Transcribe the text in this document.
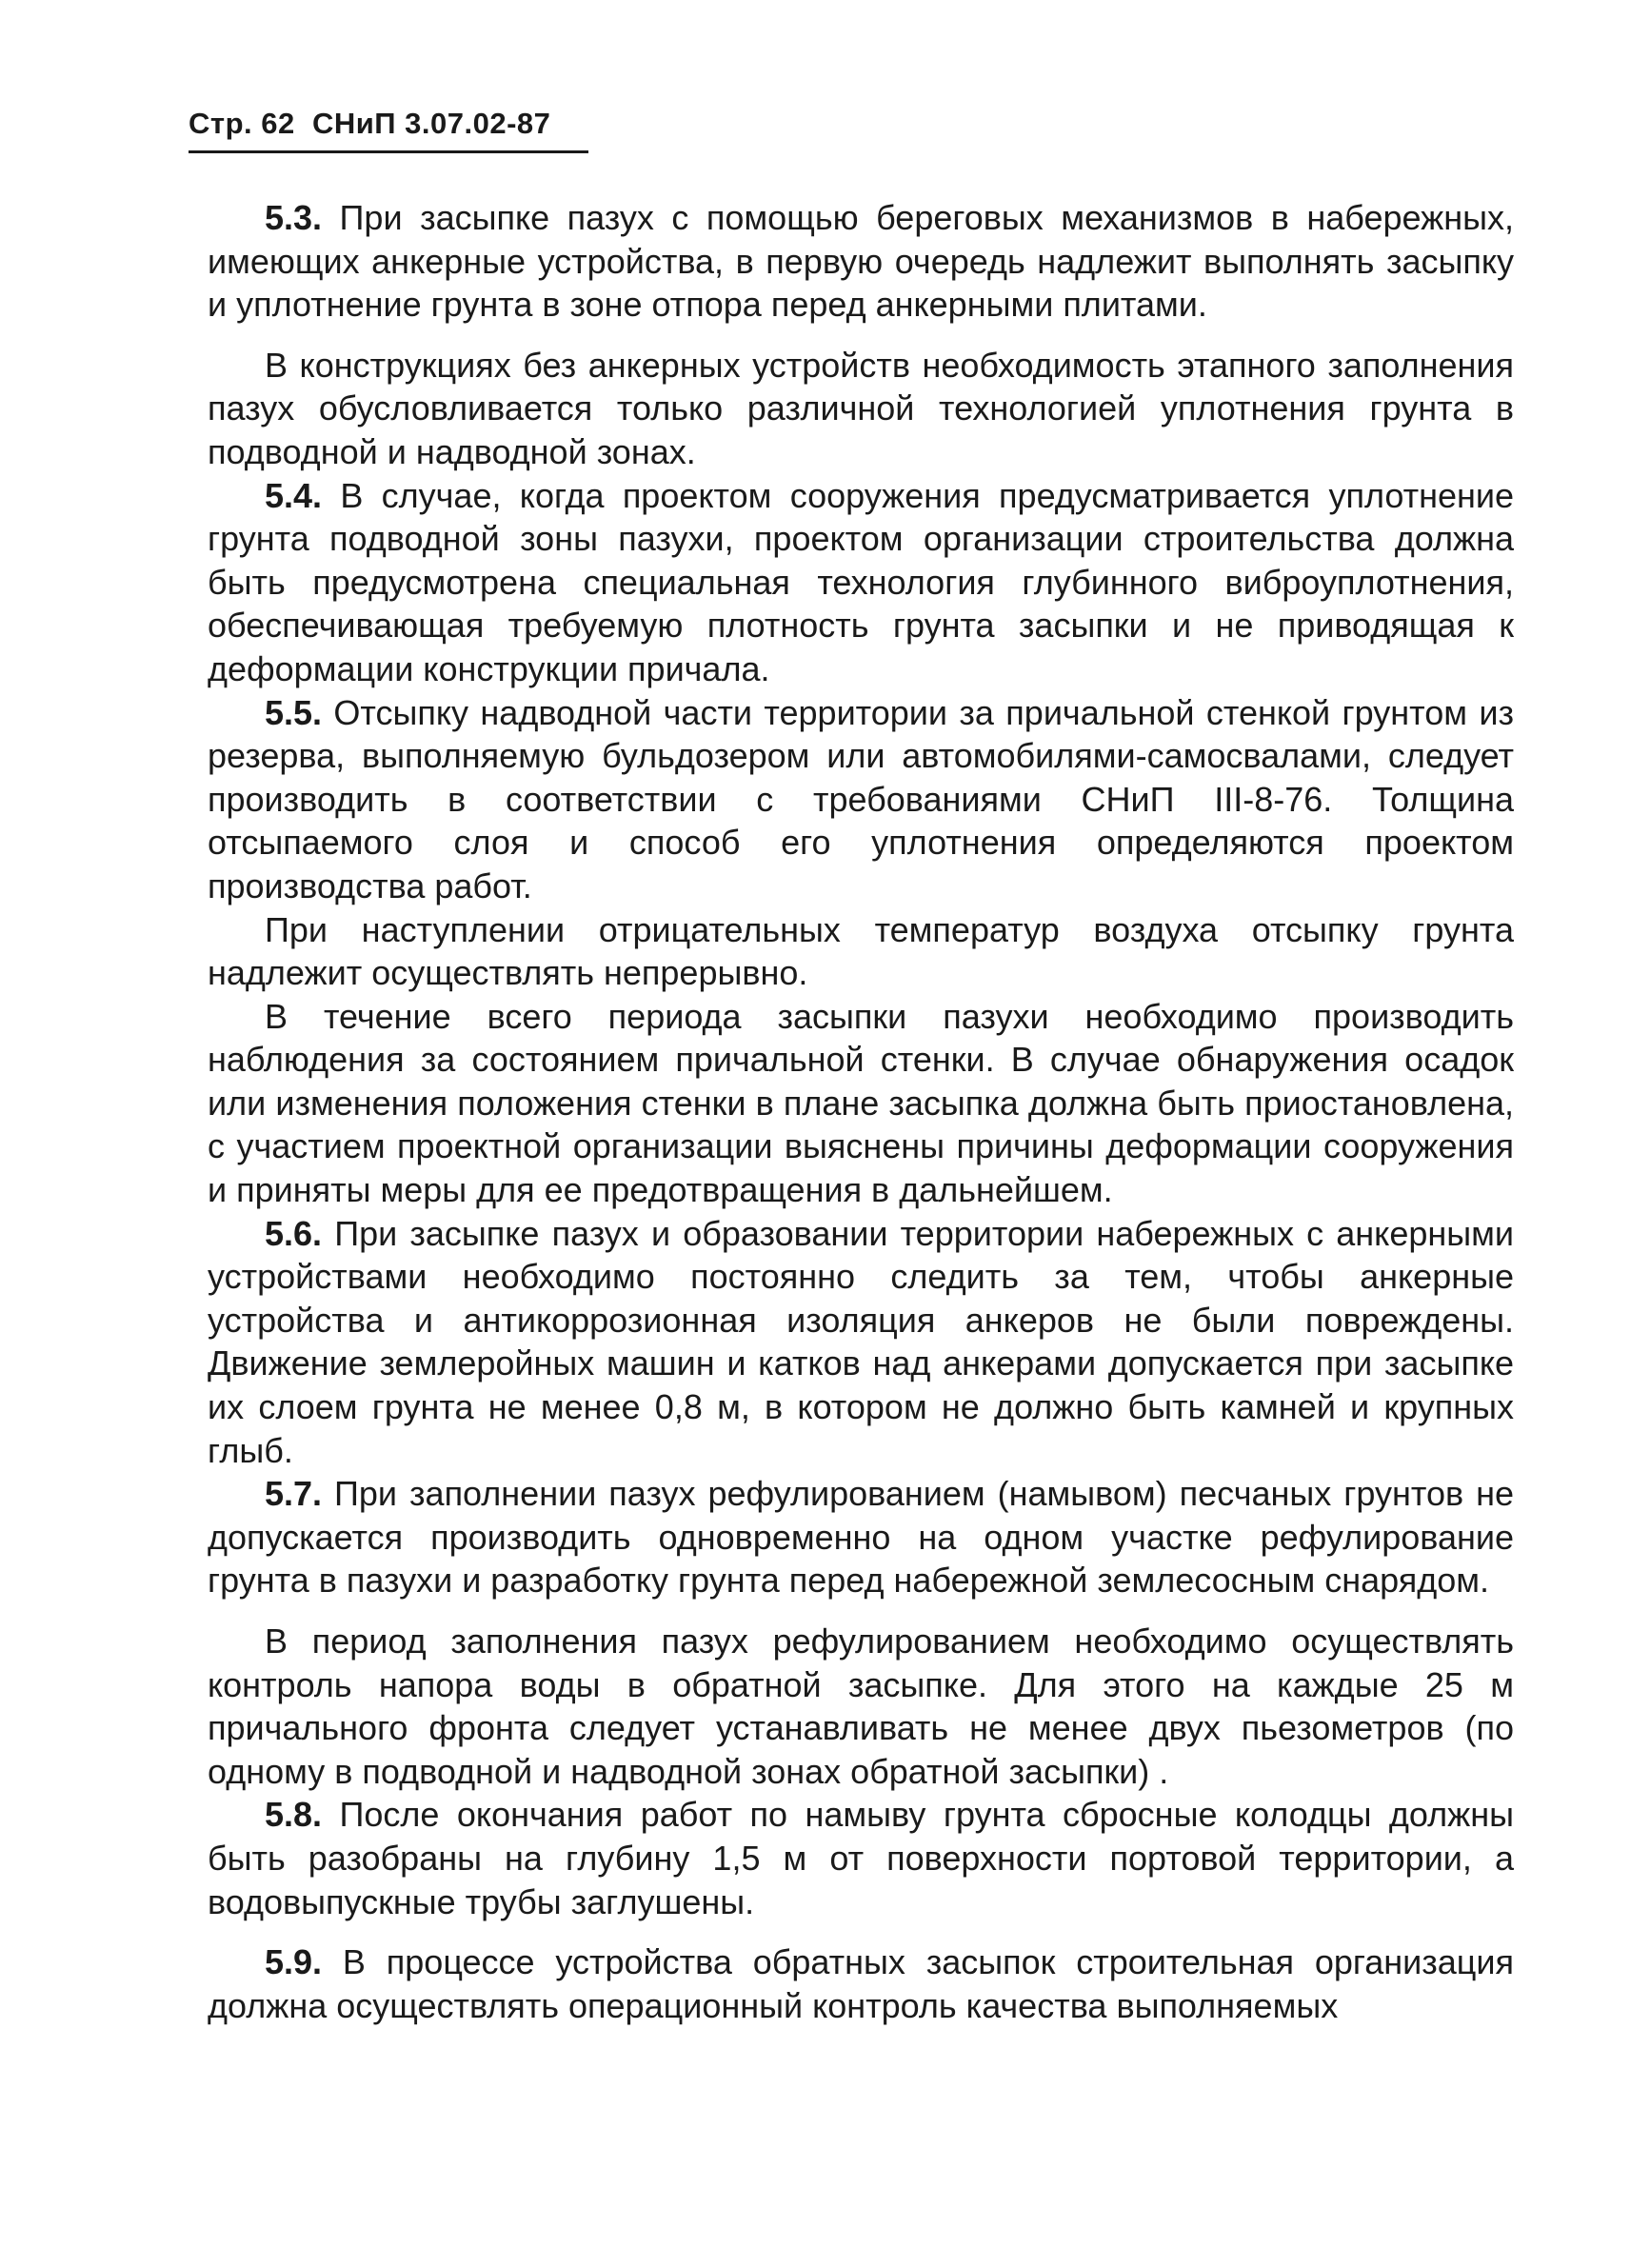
Стр. 62 СНиП 3.07.02-87

5.3. При засыпке пазух с помощью береговых механизмов в набережных, имеющих анкерные устройства, в первую очередь надлежит выполнять засыпку и уплотнение грунта в зоне отпора перед анкерными плитами.

В конструкциях без анкерных устройств необходимость этапного заполнения пазух обусловливается только различной технологией уплотнения грунта в подводной и надводной зонах.

5.4. В случае, когда проектом сооружения предусматривается уплотнение грунта подводной зоны пазухи, проектом организации строительства должна быть предусмотрена специальная технология глубинного виброуплотнения, обеспечивающая требуемую плотность грунта засыпки и не приводящая к деформации конструкции причала.

5.5. Отсыпку надводной части территории за причальной стенкой грунтом из резерва, выполняемую бульдозером или автомобилями-самосвалами, следует производить в соответствии с требованиями СНиП III-8-76. Толщина отсыпаемого слоя и способ его уплотнения определяются проектом производства работ.

При наступлении отрицательных температур воздуха отсыпку грунта надлежит осуществлять непрерывно.

В течение всего периода засыпки пазухи необходимо производить наблюдения за состоянием причальной стенки. В случае обнаружения осадок или изменения положения стенки в плане засыпка должна быть приостановлена, с участием проектной организации выяснены причины деформации сооружения и приняты меры для ее предотвращения в дальнейшем.

5.6. При засыпке пазух и образовании территории набережных с анкерными устройствами необходимо постоянно следить за тем, чтобы анкерные устройства и антикоррозионная изоляция анкеров не были повреждены. Движение землеройных машин и катков над анкерами допускается при засыпке их слоем грунта не менее 0,8 м, в котором не должно быть камней и крупных глыб.

5.7. При заполнении пазух рефулированием (намывом) песчаных грунтов не допускается производить одновременно на одном участке рефулирование грунта в пазухи и разработку грунта перед набережной землесосным снарядом.

В период заполнения пазух рефулированием необходимо осуществлять контроль напора воды в обратной засыпке. Для этого на каждые 25 м причального фронта следует устанавливать не менее двух пьезометров (по одному в подводной и надводной зонах обратной засыпки) .

5.8. После окончания работ по намыву грунта сбросные колодцы должны быть разобраны на глубину 1,5 м от поверхности портовой территории, а водовыпускные трубы заглушены.

5.9. В процессе устройства обратных засыпок строительная организация должна осуществлять операционный контроль качества выполняемых
